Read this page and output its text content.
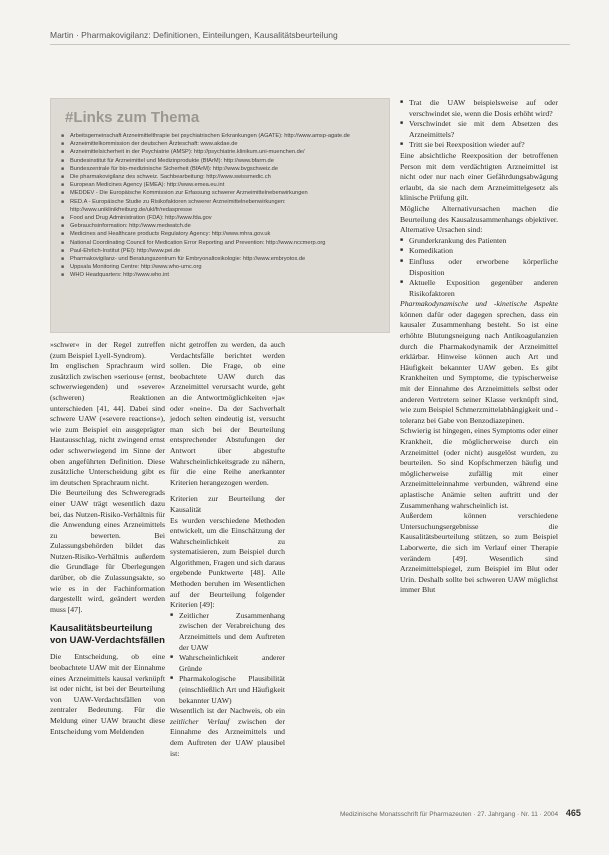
Martin · Pharmakovigilanz: Definitionen, Einteilungen, Kausalitätsbeurteilung
#Links zum Thema
■ Arbeitsgemeinschaft Arzneimittelthrapie bei psychiatrischen Erkrankungen (AGATE): http://www.amsp-agate.de
■ Arzneimittelkommission der deutschen Ärzteschaft: www.akdae.de
■ Arzneimittelsicherheit in der Psychiatrie (AMSP): http://psychiatrie.klinikum.uni-muenchen.de/
■ Bundesinstitut für Arzneimittel und Medizinprodukte (BfArM): http://www.bfarm.de
■ Bundeszentrale für bio-medizinische Sicherheit (BfArM): http://www.bvgschweiz.de
■ Die pharmakovigilanz des schweiz. Sachbearbeitung: http://www.swissmedic.ch
■ European Medicines Agency (EMEA): http://www.emea.eu.int
■ MEDDEV - Die Europäische Kommission zur Erfassung schwerer Arzneimittelnebenwirkungen
■ RED.A - Europäische Studie zu Risikofaktoren schwerer Arzneimittelnebenwirkungen: http://www.uniklinikfreiburg.de/ukl/fr/redaspresse
■ Food and Drug Administration (FDA): http://www.fda.gov
■ Gebrauchsinformation: http://www.medwatch.de
■ Medicines and Healthcare products Regulatory Agency: http://www.mhra.gov.uk
■ National Coordinating Council for Medication Error Reporting and Prevention: http://www.nccmerp.org
■ Paul-Ehrlich-Institut (PEI): http://www.pei.de
■ Pharmakovigilanz- und Beratungszentrum für Embryonaltoxikologie: http://www.embryotox.de
■ Uppsala Monitoring Centre: http://www.who-umc.org
■ WHO Headquarters: http://www.who.int

»schwer« in der Regel zutreffen (zum Beispiel Lyell-Syndrom).

Im englischen Sprachraum wird zusätzlich zwischen »serious« (ernst, schwerwiegenden) und »severe« (schweren) Reaktionen unterschieden [41, 44]. Dabei sind schwere UAW (»severe reactions«), wie zum Beispiel ein ausgeprägter Hautausschlag, nicht zwingend ernst oder schwerwiegend im Sinne der oben angeführten Definition. Diese zusätzliche Unterscheidung gibt es im deutschen Sprachraum nicht.

Die Beurteilung des Schweregrads einer UAW trägt wesentlich dazu bei, das Nutzen-Risiko-Verhältnis für die Anwendung eines Arzneimittels zu bewerten. Bei Zulassungsbehörden bildet das Nutzen-Risiko-Verhältnis außerdem die Grundlage für Überlegungen darüber, ob die Zulassungsakte, so wie es in der Fachinformation dargestellt wird, geändert werden muss [47].

Kausalitätsbeurteilung von UAW-Verdachtsfällen

Die Entscheidung, ob eine beobachtete UAW mit der Einnahme eines Arzneimittels kausal verknüpft ist oder nicht, ist bei der Beurteilung von UAW-Verdachtsfällen von zentraler Bedeutung. Für die Meldung einer UAW braucht diese Entscheidung vom Meldenden

nicht getroffen zu werden, da auch Verdachtsfälle berichtet werden sollen. Die Frage, ob eine beobachtete UAW durch das Arzneimittel verursacht wurde, geht an die Antwortmöglichkeiten »ja« oder »nein«. Da der Sachverhalt jedoch selten eindeutig ist, versucht man sich bei der Beurteilung entsprechender Abstufungen der Antwort über abgestufte Wahrscheinlichkeitsgrade zu nähern, für die eine Reihe anerkannter Kriterien herangezogen werden.

Kriterien zur Beurteilung der Kausalität

Es wurden verschiedene Methoden entwickelt, um die Einschätzung der Wahrscheinlichkeit zu systematisieren, zum Beispiel durch Algorithmen, Fragen und sich daraus ergebende Punktwerte [48]. Alle Methoden beruhen im Wesentlichen auf der Beurteilung folgender Kriterien [49]:

■ Zeitlicher Zusammenhang zwischen der Verabreichung des Arzneimittels und dem Auftreten der UAW
■ Wahrscheinlichkeit anderer Gründe
■ Pharmakologische Plausibilität (einschließlich Art und Häufigkeit bekannter UAW)

Wesentlich ist der Nachweis, ob ein zeitlicher Verlauf zwischen der Einnahme des Arzneimittels und dem Auftreten der UAW plausibel ist:

■ Trat die UAW beispielsweise auf oder verschwindet sie, wenn die Dosis erhöht wird?
■ Verschwindet sie mit dem Absetzen des Arzneimittels?
■ Tritt sie bei Reexposition wieder auf?

Eine absichtliche Reexposition der betroffenen Person mit dem verdächtigten Arzneimittel ist nicht oder nur nach einer Gefährdungsabwägung erlaubt, da sie nach dem Arzneimittelgesetz als klinische Prüfung gilt.

Mögliche Alternativursachen machen die Beurteilung des Kausalzusammenhangs objektiver. Alternative Ursachen sind:

■ Grunderkrankung des Patienten
■ Komedikation
■ Einfluss oder erworbene körperliche Disposition
■ Aktuelle Exposition gegenüber anderen Risikofaktoren

Pharmakodynamische und -kinetische Aspekte können dafür oder dagegen sprechen, dass ein kausaler Zusammenhang besteht. So ist eine erhöhte Blutungsneigung nach Antikoagulanzien durch die Pharmakodynamik der Arzneimittel erklärbar. Hinweise können auch Art und Häufigkeit bekannter UAW geben. Es gibt Krankheiten und Symptome, die typischerweise mit der Einnahme des Arzneimittels selbst oder anderen Vertretern seiner Klasse verknüpft sind, wie zum Beispiel Schmerzmittelabhängigkeit und -toleranz bei Gabe von Benzodiazepinen.

Schwierig ist hingegen, eines Symptoms oder einer Krankheit, die möglicherweise durch ein Arzneimittel (oder nicht) ausgelöst wurden, zu beurteilen. So sind Kopfschmerzen häufig und möglicherweise zufällig mit einer Arzneimitteleinnahme verbunden, während eine aplastische Anämie selten auftritt und der Zusammenhang wahrscheinlich ist.

Außerdem können verschiedene Untersuchungsergebnisse die Kausalitätsbeurteilung stützen, so zum Beispiel Laborwerte, die sich im Verlauf einer Therapie verändern [49]. Wesentlich sind Arzneimittelspiegel, zum Beispiel im Blut oder Urin. Deshalb sollte bei schweren UAW möglichst immer Blut

Medizinische Monatsschrift für Pharmazeuten · 27. Jahrgang · Nr. 11 · 2004 465
